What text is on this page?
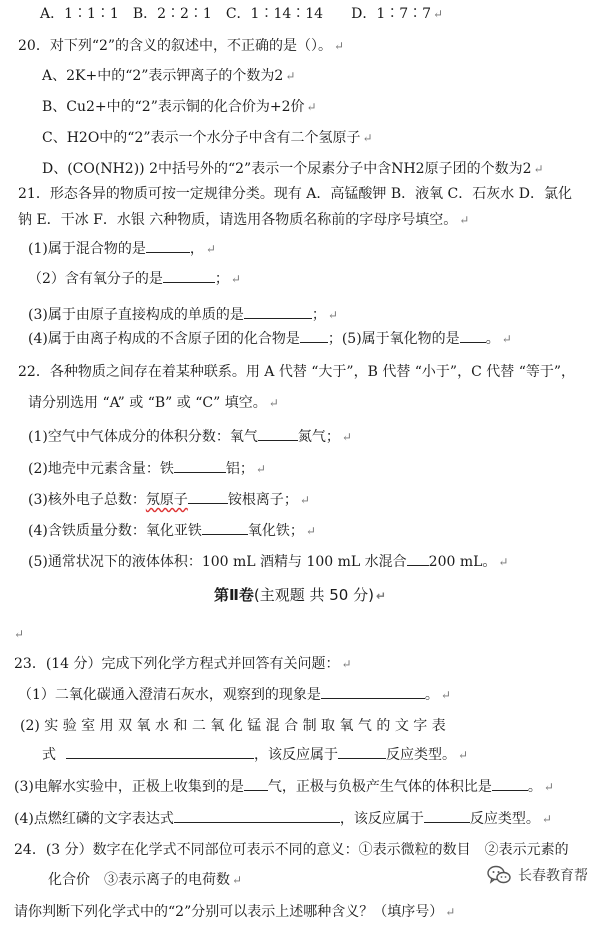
A．1∶1∶1　B．2∶2∶1　C．1∶14∶14　　D．1∶7∶7 ↵
20．对下列“2”的含义的叙述中，不正确的是（）。 ↵
A、2K+中的“2”表示钾离子的个数为2 ↵
B、Cu2+中的“2”表示铜的化合价为+2价 ↵
C、H2O中的“2”表示一个水分子中含有二个氢原子 ↵
D、(CO(NH2)) 2中括号外的“2”表示一个尿素分子中含NH2原子团的个数为2 ↵
21．形态各异的物质可按一定规律分类。现有 A．高锰酸钾 B．液氧 C．石灰水 D．氯化
钠 E．干冰 F．水银 六种物质，请选用各物质名称前的字母序号填空。 ↵
(1)属于混合物的是	， ↵
（2）含有氧分子的是	； ↵
(3)属于由原子直接构成的单质的是	； ↵
(4)属于由离子构成的不含原子团的化合物是 ；(5)属于氧化物的是 。 ↵
22．各种物质之间存在着某种联系。用 A 代替 “大于”，B 代替 “小于”，C 代替 “等于”，
请分别选用 “A” 或 “B” 或 “C” 填空。 ↵
(1)空气中气体成分的体积分数：氧气	氮气； ↵
(2)地壳中元素含量：铁	铝； ↵
(3)核外电子总数：氖原子	铵根离子； ↵
(4)含铁质量分数：氧化亚铁	氧化铁； ↵
(5)通常状况下的液体体积：100 mL 酒精与 100 mL 水混合 200 mL。 ↵
第Ⅱ卷(主观题 共 50 分) ↵
↵
23．(14 分）完成下列化学方程式并回答有关问题： ↵
（1）二氧化碳通入澄清石灰水，观察到的现象是	。 ↵
(2) 实 验 室 用 双 氧 水 和 二 氧 化 锰 混 合 制 取 氧 气 的 文 字 表
式	，该反应属于	反应类型。 ↵
(3)电解水实验中，正极上收集到的是 气，正极与负极产生气体的体积比是	。 ↵
(4)点燃红磷的文字表达式	，该反应属于	反应类型。 ↵
24．(3 分）数字在化学式不同部位可表示不同的意义：①表示微粒的数目　②表示元素的
化合价　③表示离子的电荷数 ↵
请你判断下列化学式中的“2”分别可以表示上述哪种含义？（填序号） ↵
长春教育帮
